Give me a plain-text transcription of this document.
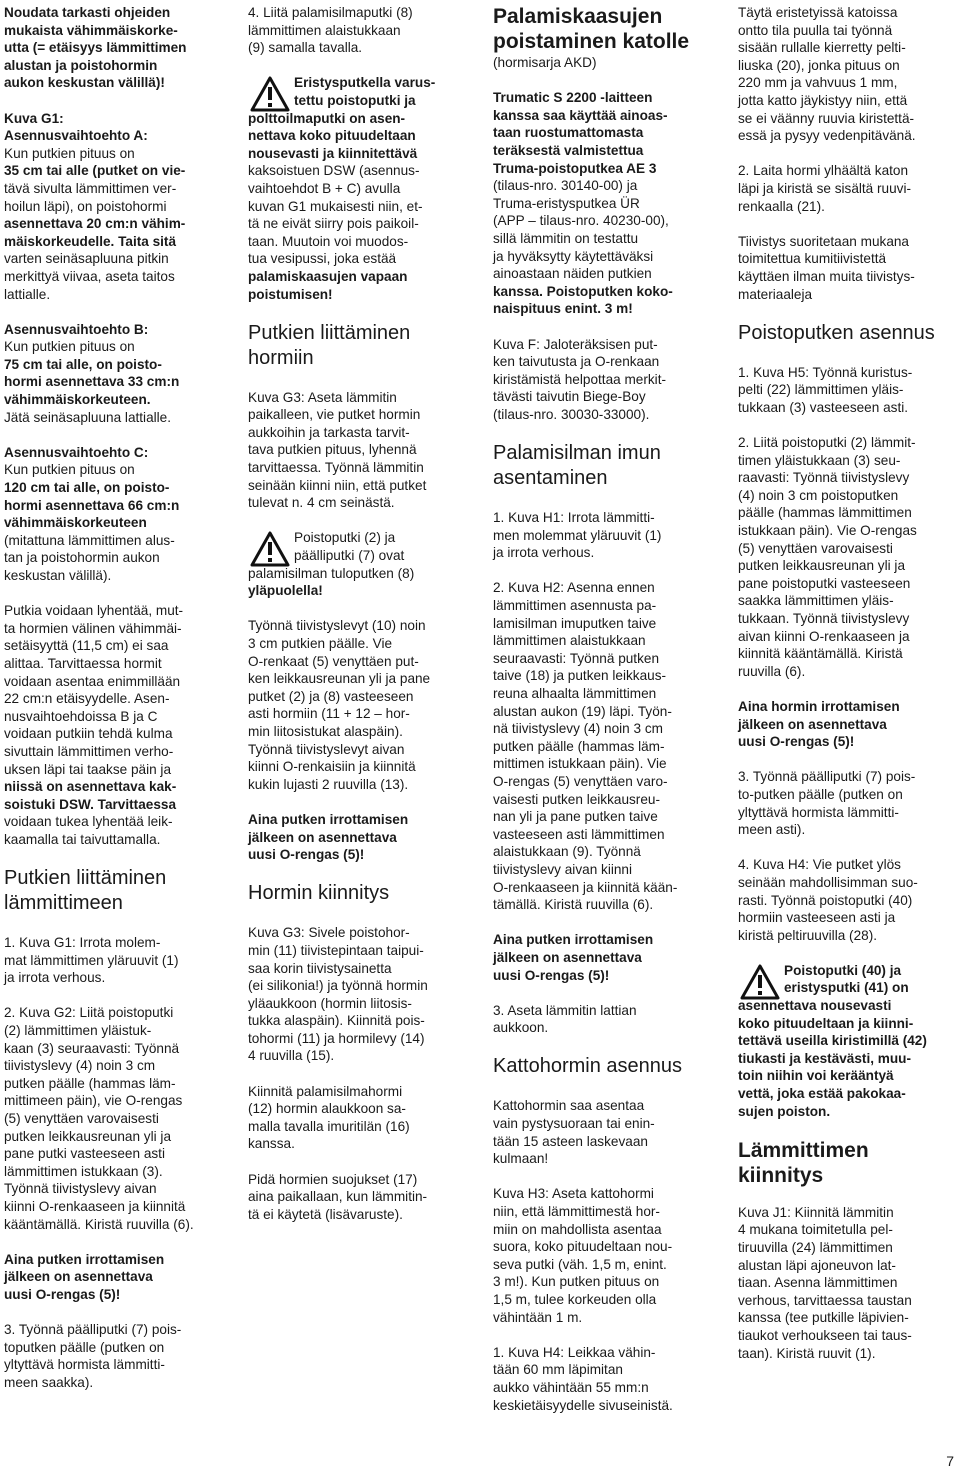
Noudata tarkasti ohjeiden
mukaista vähimmäiskorke-
utta (= etäisyys lämmittimen
alustan ja poistohormin
aukon keskustan välillä)!

Kuva G1:
Asennusvaihtoehto A:
Kun putkien pituus on
35 cm tai alle (putket on vie-
tävä sivulta lämmittimen ver-
hoilun läpi), on poistohormi
asennettava 20 cm:n vähim-
mäiskorkeudelle. Taita sitä
varten seinäsapluuna pitkin
merkittyä viivaa, aseta taitos
lattialle.

Asennusvaihtoehto B:
Kun putkien pituus on
75 cm tai alle, on poisto-
hormi asennettava 33 cm:n
vähimmäiskorkeuteen.
Jätä seinäsapluuna lattialle.

Asennusvaihtoehto C:
Kun putkien pituus on
120 cm tai alle, on poisto-
hormi asennettava 66 cm:n
vähimmäiskorkeuteen
(mitattuna lämmittimen alus-
tan ja poistohormin aukon
keskustan välillä).

Putkia voidaan lyhentää, mut-
ta hormien välinen vähimmäi-
setäisyyttä (11,5 cm) ei saa
alittaa. Tarvittaessa hormit
voidaan asentaa enimmillään
22 cm:n etäisyydelle. Asen-
nusvaihtoehdoissa B ja C
voidaan putkiin tehdä kulma
sivuttain lämmittimen verho-
uksen läpi tai taakse päin ja
niissä on asennettava kak-
soistuki DSW. Tarvittaessa
voidaan tukea lyhentää leik-
kaamalla tai taivuttamalla.

Putkien liittäminen
lämmittimeen

1. Kuva G1: Irrota molem-
mat lämmittimen yläruuvit (1)
ja irrota verhous.

2. Kuva G2: Liitä poistoputki
(2) lämmittimen yläistuk-
kaan (3) seuraavasti: Työnnä
tiivistyslevy (4) noin 3 cm
putken päälle (hammas läm-
mittimeen päin), vie O-rengas
(5) venyttäen varovaisesti
putken leikkausreunan yli ja
pane putki vasteeseen asti
lämmittimen istukkaan (3).
Työnnä tiivistyslevy aivan
kiinni O-renkaaseen ja kiinnitä
kääntämällä. Kiristä ruuvilla (6).

Aina putken irrottamisen
jälkeen on asennettava
uusi O-rengas (5)!

3. Työnnä päälliputki (7) pois-
toputken päälle (putken on
yltyttävä hormista lämmitti-
meen saakka).

4. Liitä palamisilmaputki (8)
lämmittimen alaistukkaan
(9) samalla tavalla.

Eristysputkella varus-
tettu poistoputki ja
polttoilmaputki on asen-
nettava koko pituudeltaan
nousevasti ja kiinnitettävä
kaksoistuen DSW (asennus-
vaihtoehdot B + C) avulla
kuvan G1 mukaisesti niin, et-
tä ne eivät siirry pois paikoil-
taan. Muutoin voi muodos-
tua vesipussi, joka estää
palamiskaasujen vapaan
poistumisen!
Putkien liittäminen
hormiin

Kuva G3: Aseta lämmitin
paikalleen, vie putket hormin
aukkoihin ja tarkasta tarvit-
tava putkien pituus, lyhennä
tarvittaessa. Työnnä lämmitin
seinään kiinni niin, että putket
tulevat n. 4 cm seinästä.

Poistoputki (2) ja
päälliputki (7) ovat
palamisilman tuloputken (8)
yläpuolella!

Työnnä tiivistyslevyt (10) noin
3 cm putkien päälle. Vie
O-renkaat (5) venyttäen put-
ken leikkausreunan yli ja pane
putket (2) ja (8) vasteeseen
asti hormiin (11 + 12 – hor-
min liitosistukat alaspäin).
Työnnä tiivistyslevyt aivan
kiinni O-renkaisiin ja kiinnitä
kukin lujasti 2 ruuvilla (13).

Aina putken irrottamisen
jälkeen on asennettava
uusi O-rengas (5)!

Hormin kiinnitys

Kuva G3: Sivele poistohor-
min (11) tiivistepintaan taipui-
saa korin tiivistysainetta
(ei silikonia!) ja työnnä hormin
yläaukkoon (hormin liitosis-
tukka alaspäin). Kiinnitä pois-
tohormi (11) ja hormilevy (14)
4 ruuvilla (15).

Kiinnitä palamisilmahormi
(12) hormin alaukkoon sa-
malla tavalla imuritilän (16)
kanssa.

Pidä hormien suojukset (17)
aina paikallaan, kun lämmitin-
tä ei käytetä (lisävaruste).

Palamiskaasujen
poistaminen katolle

(hormisarja AKD)

Trumatic S 2200 -laitteen
kanssa saa käyttää ainoas-
taan ruostumattomasta
teräksestä valmistettua
Truma-poistoputkea AE 3
(tilaus-nro. 30140-00) ja
Truma-eristysputkea ÜR
(APP – tilaus-nro. 40230-00),
sillä lämmitin on testattu
ja hyväksytty käytettäväksi
ainoastaan näiden putkien
kanssa. Poistoputken koko-
naispituus enint. 3 m!

Kuva F: Jaloteräksisen put-
ken taivutusta ja O-renkaan
kiristämistä helpottaa merkit-
tävästi taivutin Biege-Boy
(tilaus-nro. 30030-33000).

Palamisilman imun
asentaminen

1. Kuva H1: Irrota lämmitti-
men molemmat yläruuvit (1)
ja irrota verhous.

2. Kuva H2: Asenna ennen
lämmittimen asennusta pa-
lamisilman imuputken taive
lämmittimen alaistukkaan
seuraavasti: Työnnä putken
taive (18) ja putken leikkaus-
reuna alhaalta lämmittimen
alustan aukon (19) läpi. Työn-
nä tiivistyslevy (4) noin 3 cm
putken päälle (hammas läm-
mittimen istukkaan päin). Vie
O-rengas (5) venyttäen varo-
vaisesti putken leikkausreu-
nan yli ja pane putken taive
vasteeseen asti lämmittimen
alaistukkaan (9). Työnnä
tiivistyslevy aivan kiinni
O-renkaaseen ja kiinnitä kään-
tämällä. Kiristä ruuvilla (6).

Aina putken irrottamisen
jälkeen on asennettava
uusi O-rengas (5)!

3. Aseta lämmitin lattian
aukkoon.

Kattohormin asennus

Kattohormin saa asentaa
vain pystysuoraan tai enin-
tään 15 asteen laskevaan
kulmaan!

Kuva H3: Aseta kattohormi
niin, että lämmittimestä hor-
miin on mahdollista asentaa
suora, koko pituudeltaan nou-
seva putki (väh. 1,5 m, enint.
3 m!). Kun putken pituus on
1,5 m, tulee korkeuden olla
vähintään 1 m.

1. Kuva H4: Leikkaa vähin-
tään 60 mm läpimitan
aukko vähintään 55 mm:n
keskietäisyydelle sivuseinistä.

Täytä eristetyissä katoissa
ontto tila puulla tai työnnä
sisään rullalle kierretty pelti-
liuska (20), jonka pituus on
220 mm ja vahvuus 1 mm,
jotta katto jäykistyy niin, että
se ei väänny ruuvia kiristettä-
essä ja pysyy vedenpitävänä.

2. Laita hormi ylhäältä katon
läpi ja kiristä se sisältä ruuvi-
renkaalla (21).

Tiivistys suoritetaan mukana
toimitettua kumitiivistettä
käyttäen ilman muita tiivistys-
materiaaleja

Poistoputken asennus

1. Kuva H5: Työnnä kuristus-
pelti (22) lämmittimen yläis-
tukkaan (3) vasteeseen asti.

2. Liitä poistoputki (2) lämmit-
timen yläistukkaan (3) seu-
raavasti: Työnnä tiivistyslevy
(4) noin 3 cm poistoputken
päälle (hammas lämmittimen
istukkaan päin). Vie O-rengas
(5) venyttäen varovaisesti
putken leikkausreunan yli ja
pane poistoputki vasteeseen
saakka lämmittimen yläis-
tukkaan. Työnnä tiivistyslevy
aivan kiinni O-renkaaseen ja
kiinnitä kääntämällä. Kiristä
ruuvilla (6).

Aina hormin irrottamisen
jälkeen on asennettava
uusi O-rengas (5)!

3. Työnnä päälliputki (7) pois-
to-putken päälle (putken on
yltyttävä hormista lämmitti-
meen asti).

4. Kuva H4: Vie putket ylös
seinään mahdollisimman suo-
rasti. Työnnä poistoputki (40)
hormiin vasteeseen asti ja
kiristä peltiruuvilla (28).

Poistoputki (40) ja
eristysputki (41) on
asennettava nousevasti
koko pituudeltaan ja kiinni-
tettävä useilla kiristimillä (42)
tiukasti ja kestävästi, muu-
toin niihin voi kerääntyä
vettä, joka estää pakokaa-
sujen poiston.
Lämmittimen
kiinnitys

Kuva J1: Kiinnitä lämmitin
4 mukana toimitetulla pel-
tiruuvilla (24) lämmittimen
alustan läpi ajoneuvon lat-
tiaan. Asenna lämmittimen
verhous, tarvittaessa taustan
kanssa (tee putkille läpivien-
tiaukot verhoukseen tai taus-
taan). Kiristä ruuvit (1).

7
